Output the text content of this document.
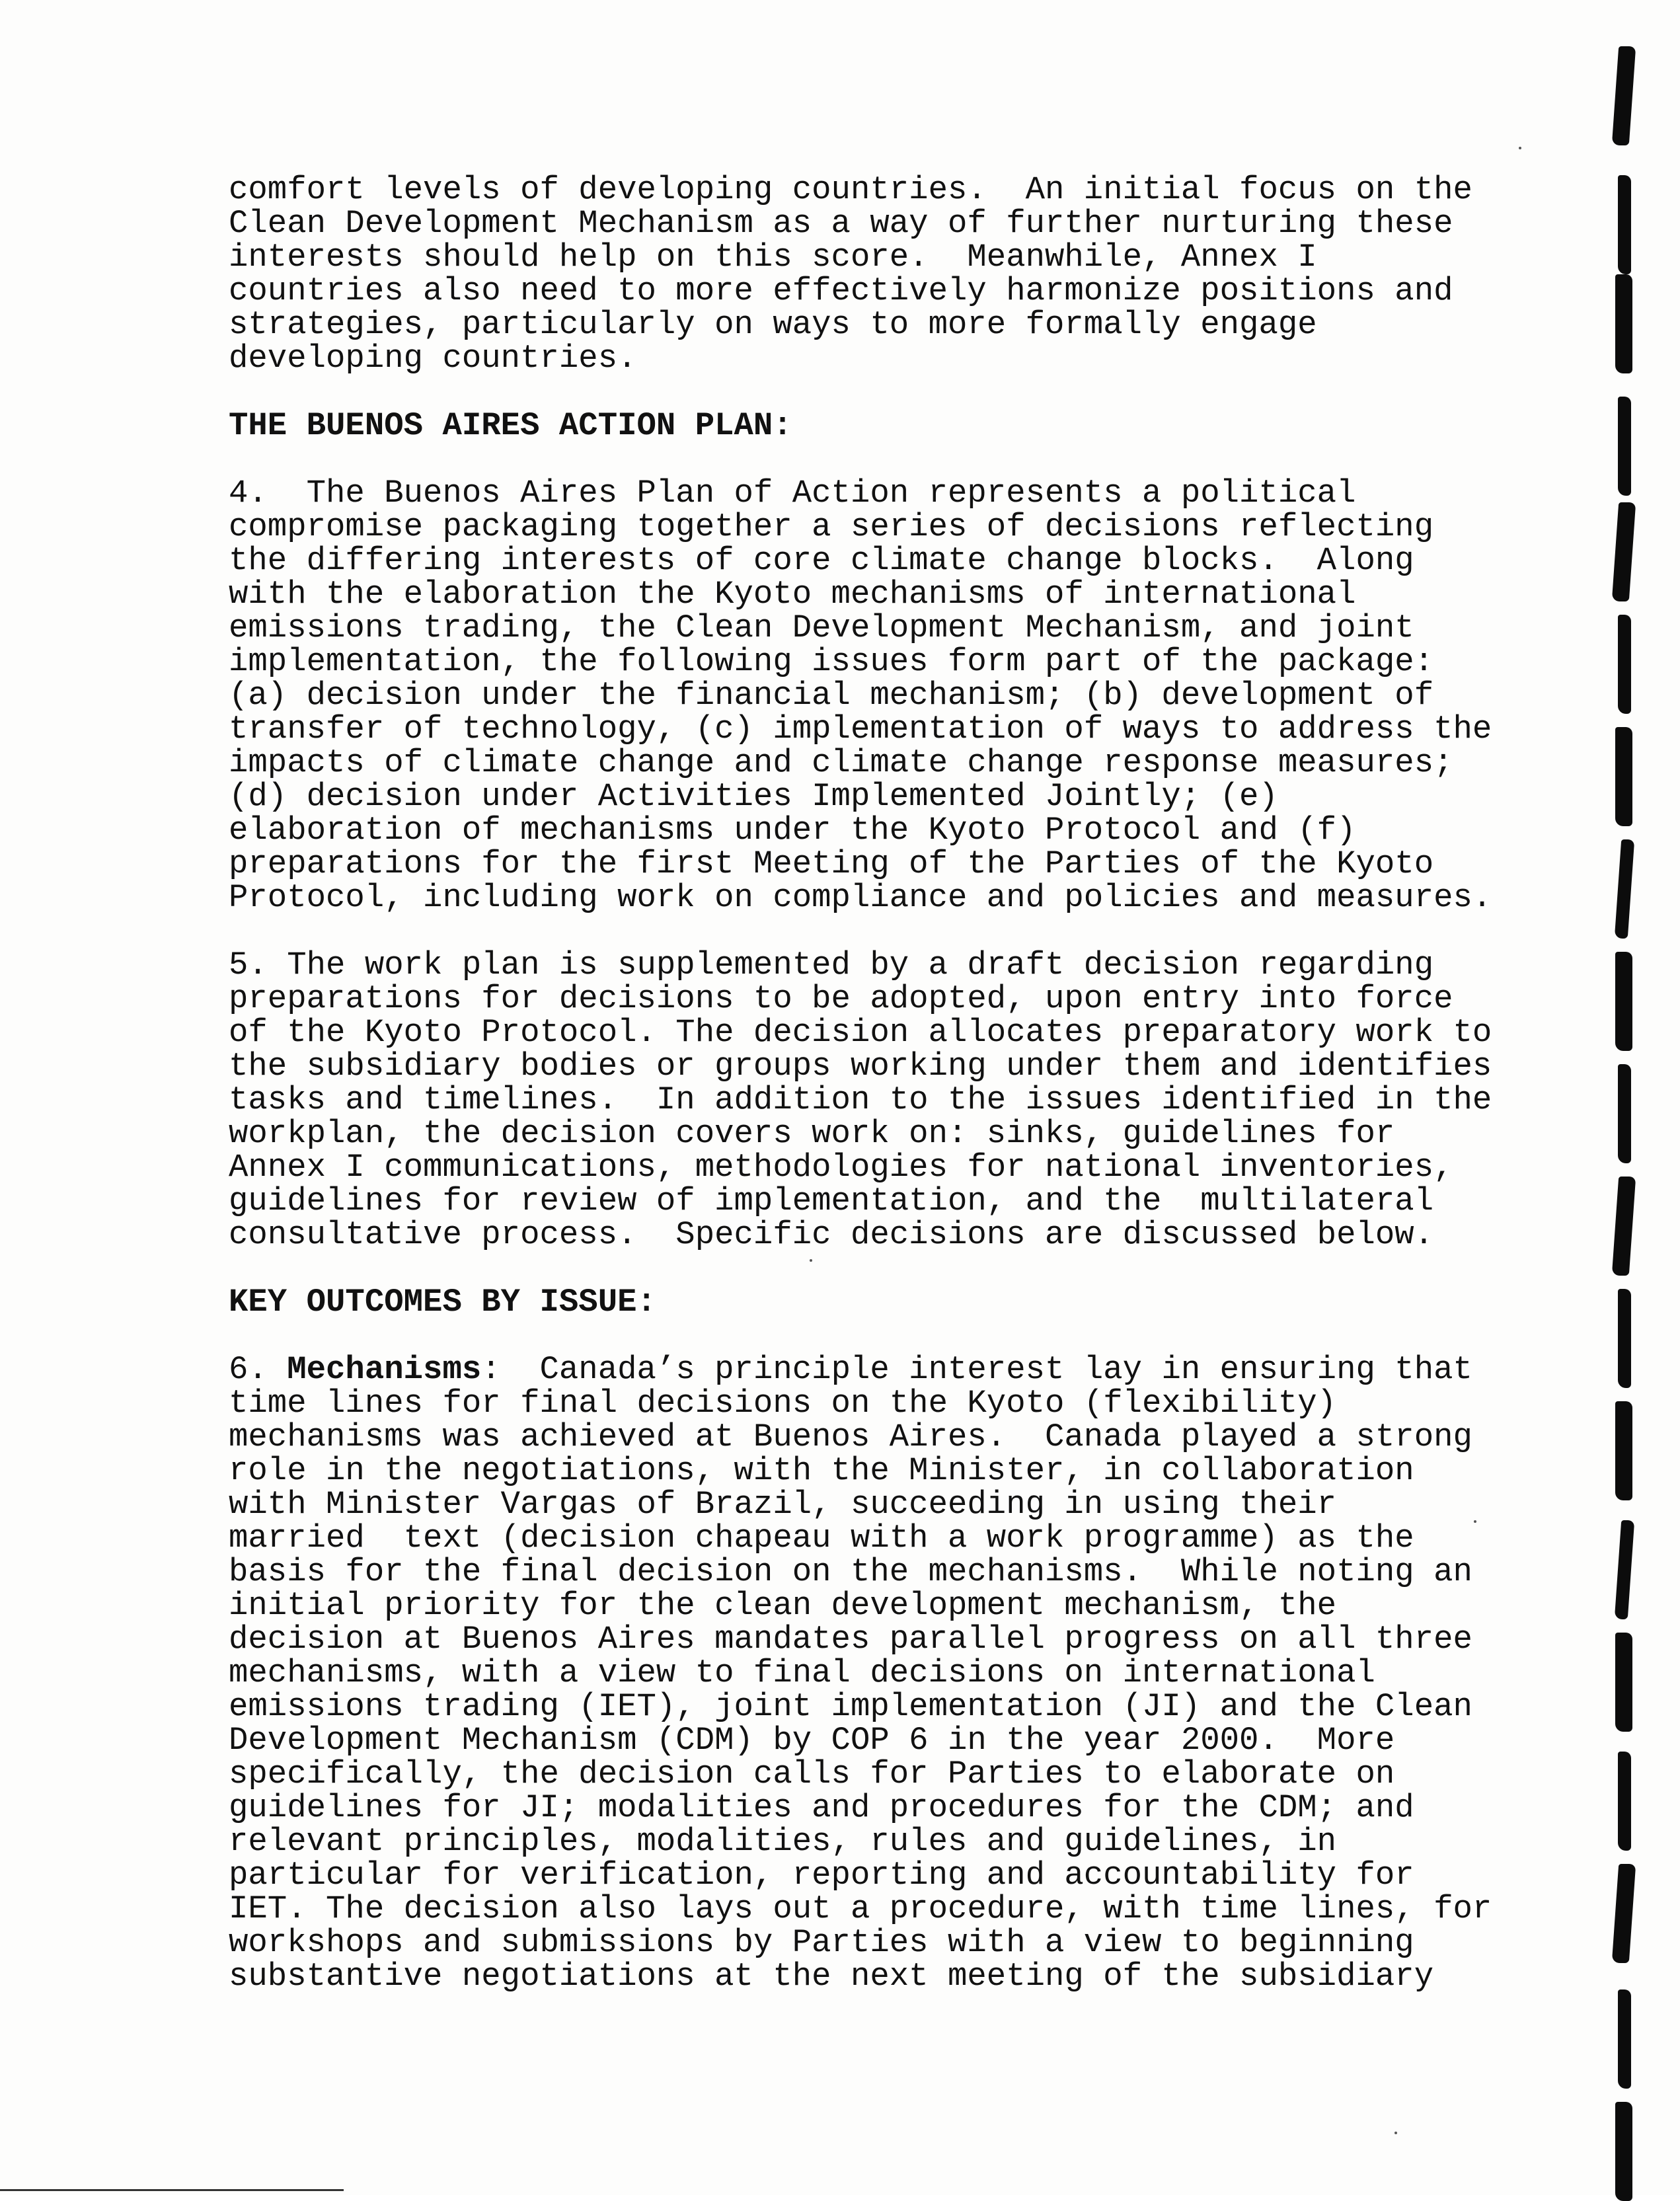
comfort levels of developing countries.  An initial focus on the
Clean Development Mechanism as a way of further nurturing these
interests should help on this score.  Meanwhile, Annex I
countries also need to more effectively harmonize positions and
strategies, particularly on ways to more formally engage
developing countries.
THE BUENOS AIRES ACTION PLAN:
4.  The Buenos Aires Plan of Action represents a political
compromise packaging together a series of decisions reflecting
the differing interests of core climate change blocks.  Along
with the elaboration the Kyoto mechanisms of international
emissions trading, the Clean Development Mechanism, and joint
implementation, the following issues form part of the package:
(a) decision under the financial mechanism; (b) development of
transfer of technology, (c) implementation of ways to address the
impacts of climate change and climate change response measures;
(d) decision under Activities Implemented Jointly; (e)
elaboration of mechanisms under the Kyoto Protocol and (f)
preparations for the first Meeting of the Parties of the Kyoto
Protocol, including work on compliance and policies and measures.
5. The work plan is supplemented by a draft decision regarding
preparations for decisions to be adopted, upon entry into force
of the Kyoto Protocol. The decision allocates preparatory work to
the subsidiary bodies or groups working under them and identifies
tasks and timelines.  In addition to the issues identified in the
workplan, the decision covers work on: sinks, guidelines for
Annex I communications, methodologies for national inventories,
guidelines for review of implementation, and the  multilateral
consultative process.  Specific decisions are discussed below.
KEY OUTCOMES BY ISSUE:
6. Mechanisms:  Canada’s principle interest lay in ensuring that
time lines for final decisions on the Kyoto (flexibility)
mechanisms was achieved at Buenos Aires.  Canada played a strong
role in the negotiations, with the Minister, in collaboration
with Minister Vargas of Brazil, succeeding in using their
married  text (decision chapeau with a work programme) as the
basis for the final decision on the mechanisms.  While noting an
initial priority for the clean development mechanism, the
decision at Buenos Aires mandates parallel progress on all three
mechanisms, with a view to final decisions on international
emissions trading (IET), joint implementation (JI) and the Clean
Development Mechanism (CDM) by COP 6 in the year 2000.  More
specifically, the decision calls for Parties to elaborate on
guidelines for JI; modalities and procedures for the CDM; and
relevant principles, modalities, rules and guidelines, in
particular for verification, reporting and accountability for
IET. The decision also lays out a procedure, with time lines, for
workshops and submissions by Parties with a view to beginning
substantive negotiations at the next meeting of the subsidiary
